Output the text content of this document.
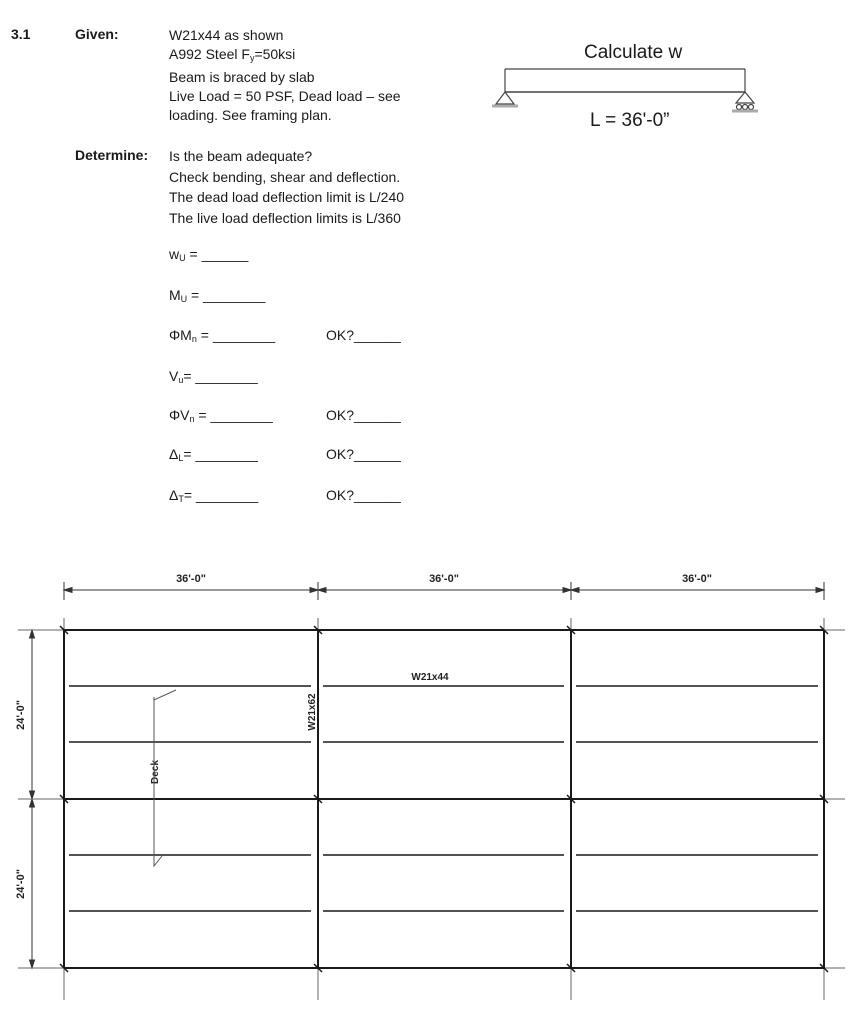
3.1	Given:	W21x44 as shown
A992 Steel $F_y=50ksi$
Beam is braced by slab
Live Load = 50 PSF, Dead load – see
loading. See framing plan.
Determine: Is the beam adequate?
Check bending, shear and deflection.
The dead load deflection limit is L/240
The live load deflection limits is L/360
$w_U$ = ______
$M_U$ = ________
$\Phi M_n$ = ________	OK?______
$V_u=$ ________
$\Phi V_n$ = ________	OK?______
$\Delta_L=$ ________	OK?______
$\Delta_T=$ ________	OK?______
Calculate w
L = 36'-0”
36'-0"	36'-0"	36'-0"
24'-0"
24'-0"
W21x44
W21x62
Deck
